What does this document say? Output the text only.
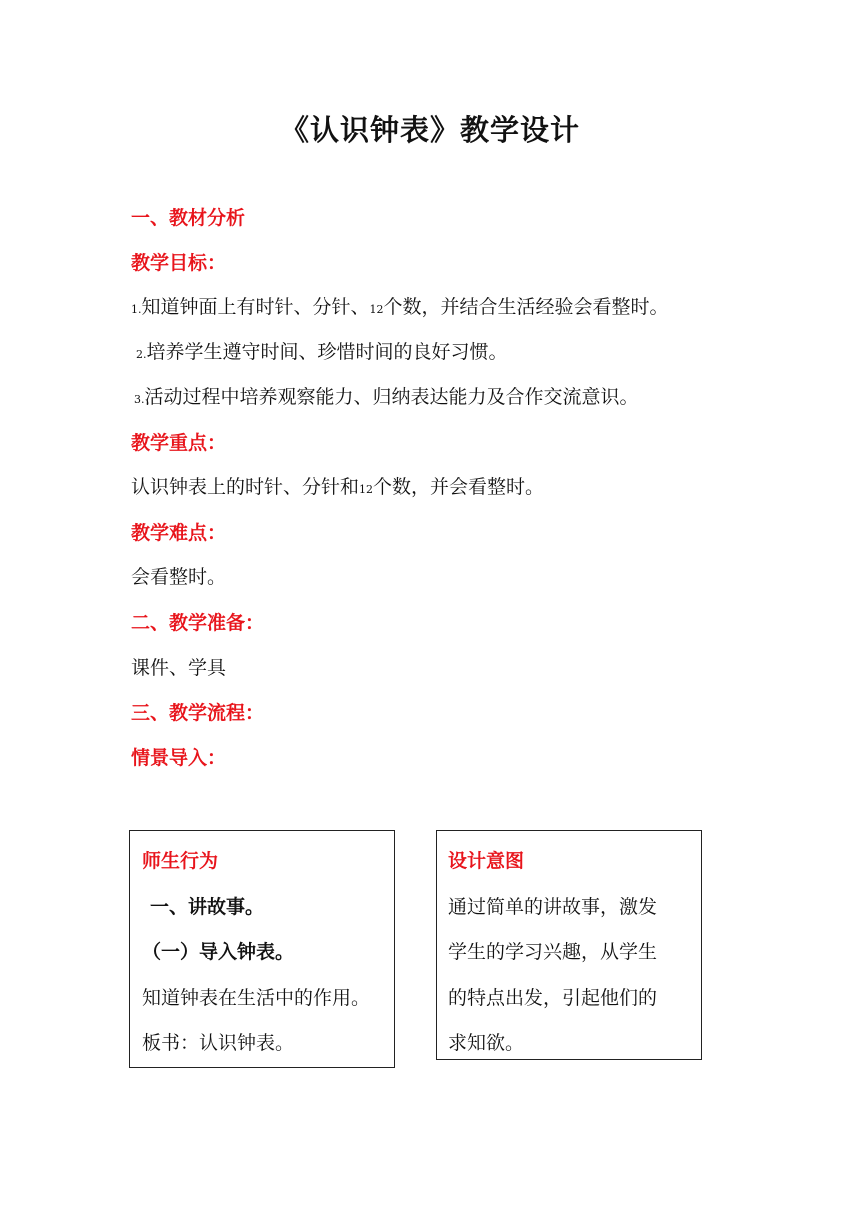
《认识钟表》教学设计
一、教材分析
教学目标：
1.知道钟面上有时针、分针、12个数，并结合生活经验会看整时。
2.培养学生遵守时间、珍惜时间的良好习惯。
3.活动过程中培养观察能力、归纳表达能力及合作交流意识。
教学重点：
认识钟表上的时针、分针和12个数，并会看整时。
教学难点：
会看整时。
二、教学准备：
课件、学具
三、教学流程：
情景导入：
师生行为
一、讲故事。
（一）导入钟表。
知道钟表在生活中的作用。
板书：认识钟表。
设计意图
通过简单的讲故事，激发
学生的学习兴趣，从学生
的特点出发，引起他们的
求知欲。
